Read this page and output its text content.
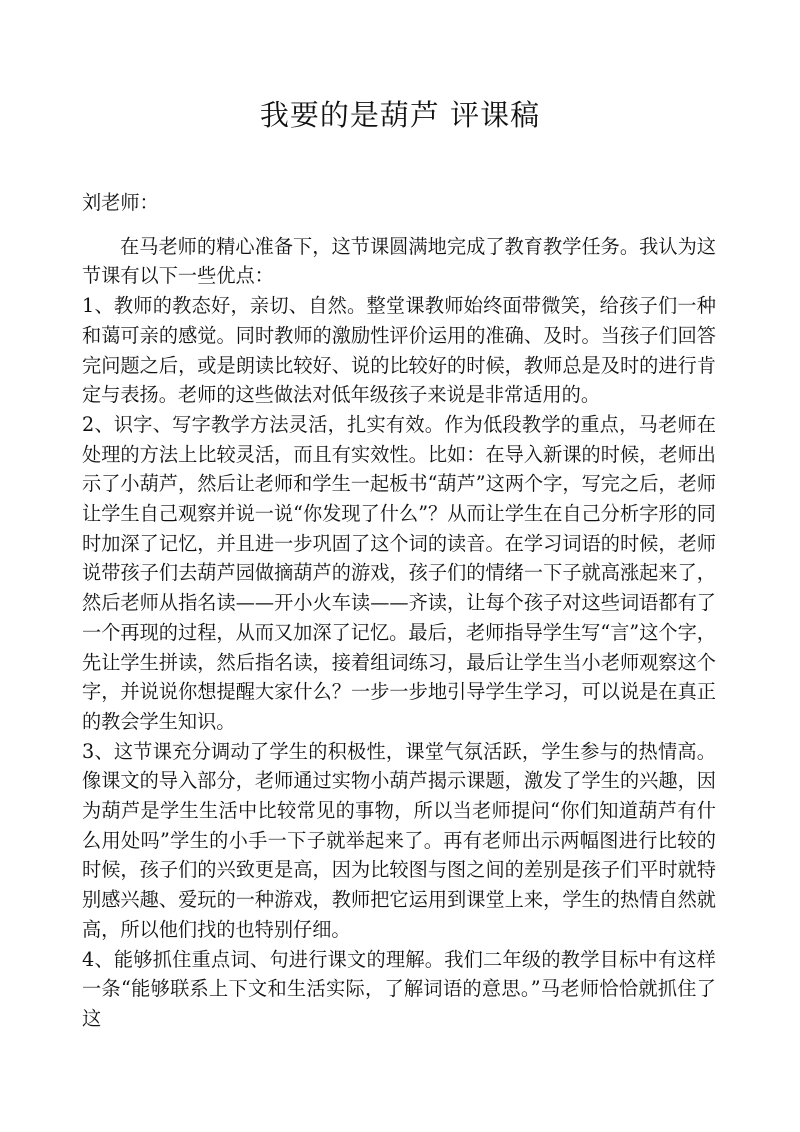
我要的是葫芦 评课稿

刘老师：

在马老师的精心准备下，这节课圆满地完成了教育教学任务。我认为这节课有以下一些优点：

1、教师的教态好，亲切、自然。整堂课教师始终面带微笑，给孩子们一种和蔼可亲的感觉。同时教师的激励性评价运用的准确、及时。当孩子们回答完问题之后，或是朗读比较好、说的比较好的时候，教师总是及时的进行肯定与表扬。老师的这些做法对低年级孩子来说是非常适用的。

2、识字、写字教学方法灵活，扎实有效。作为低段教学的重点，马老师在处理的方法上比较灵活，而且有实效性。比如：在导入新课的时候，老师出示了小葫芦，然后让老师和学生一起板书“葫芦”这两个字，写完之后，老师让学生自己观察并说一说“你发现了什么”？从而让学生在自己分析字形的同时加深了记忆，并且进一步巩固了这个词的读音。在学习词语的时候，老师说带孩子们去葫芦园做摘葫芦的游戏，孩子们的情绪一下子就高涨起来了，然后老师从指名读——开小火车读——齐读，让每个孩子对这些词语都有了一个再现的过程，从而又加深了记忆。最后，老师指导学生写“言”这个字，先让学生拼读，然后指名读，接着组词练习，最后让学生当小老师观察这个字，并说说你想提醒大家什么？一步一步地引导学生学习，可以说是在真正的教会学生知识。

3、这节课充分调动了学生的积极性，课堂气氛活跃，学生参与的热情高。像课文的导入部分，老师通过实物小葫芦揭示课题，激发了学生的兴趣，因为葫芦是学生生活中比较常见的事物，所以当老师提问“你们知道葫芦有什么用处吗”学生的小手一下子就举起来了。再有老师出示两幅图进行比较的时候，孩子们的兴致更是高，因为比较图与图之间的差别是孩子们平时就特别感兴趣、爱玩的一种游戏，教师把它运用到课堂上来，学生的热情自然就高，所以他们找的也特别仔细。

4、能够抓住重点词、句进行课文的理解。我们二年级的教学目标中有这样一条“能够联系上下文和生活实际，了解词语的意思。”马老师恰恰就抓住了这
